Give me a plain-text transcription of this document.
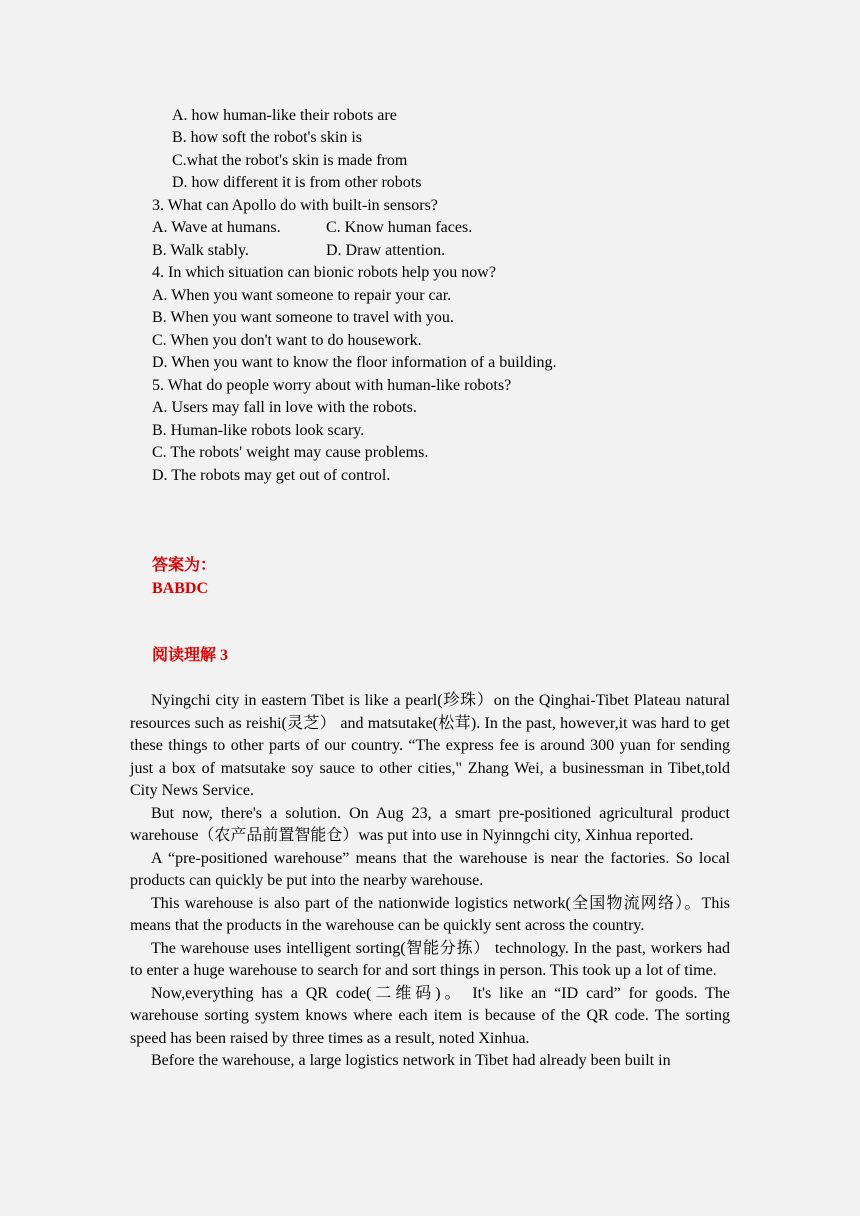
A. how human-like their robots are
B. how soft the robot's skin is
C.what the robot's skin is made from
D. how different it is from other robots
3. What can Apollo do with built-in sensors?
A. Wave at humans.	C. Know human faces.
B. Walk stably.	D. Draw attention.
4. In which situation can bionic robots help you now?
A. When you want someone to repair your car.
B. When you want someone to travel with you.
C. When you don't want to do housework.
D. When you want to know the floor information of a building.
5. What do people worry about with human-like robots?
A. Users may fall in love with the robots.
B. Human-like robots look scary.
C. The robots' weight may cause problems.
D. The robots may get out of control.
答案为：
BABDC
阅读理解 3

Nyingchi city in eastern Tibet is like a pearl(珍珠）on the Qinghai-Tibet Plateau natural resources such as reishi(灵芝） and matsutake(松茸). In the past, however,it was hard to get these things to other parts of our country. “The express fee is around 300 yuan for sending just a box of matsutake soy sauce to other cities," Zhang Wei, a businessman in Tibet,told City News Service.

But now, there's a solution. On Aug 23, a smart pre-positioned agricultural product warehouse（农产品前置智能仓）was put into use in Nyinngchi city, Xinhua reported.

A “pre-positioned warehouse” means that the warehouse is near the factories. So local products can quickly be put into the nearby warehouse.

This warehouse is also part of the nationwide logistics network(全国物流网络）。This means that the products in the warehouse can be quickly sent across the country.

The warehouse uses intelligent sorting(智能分拣） technology. In the past, workers had to enter a huge warehouse to search for and sort things in person. This took up a lot of time.

Now,everything has a QR code(二维码)。 It's like an “ID card” for goods. The warehouse sorting system knows where each item is because of the QR code. The sorting speed has been raised by three times as a result, noted Xinhua.

Before the warehouse, a large logistics network in Tibet had already been built in
